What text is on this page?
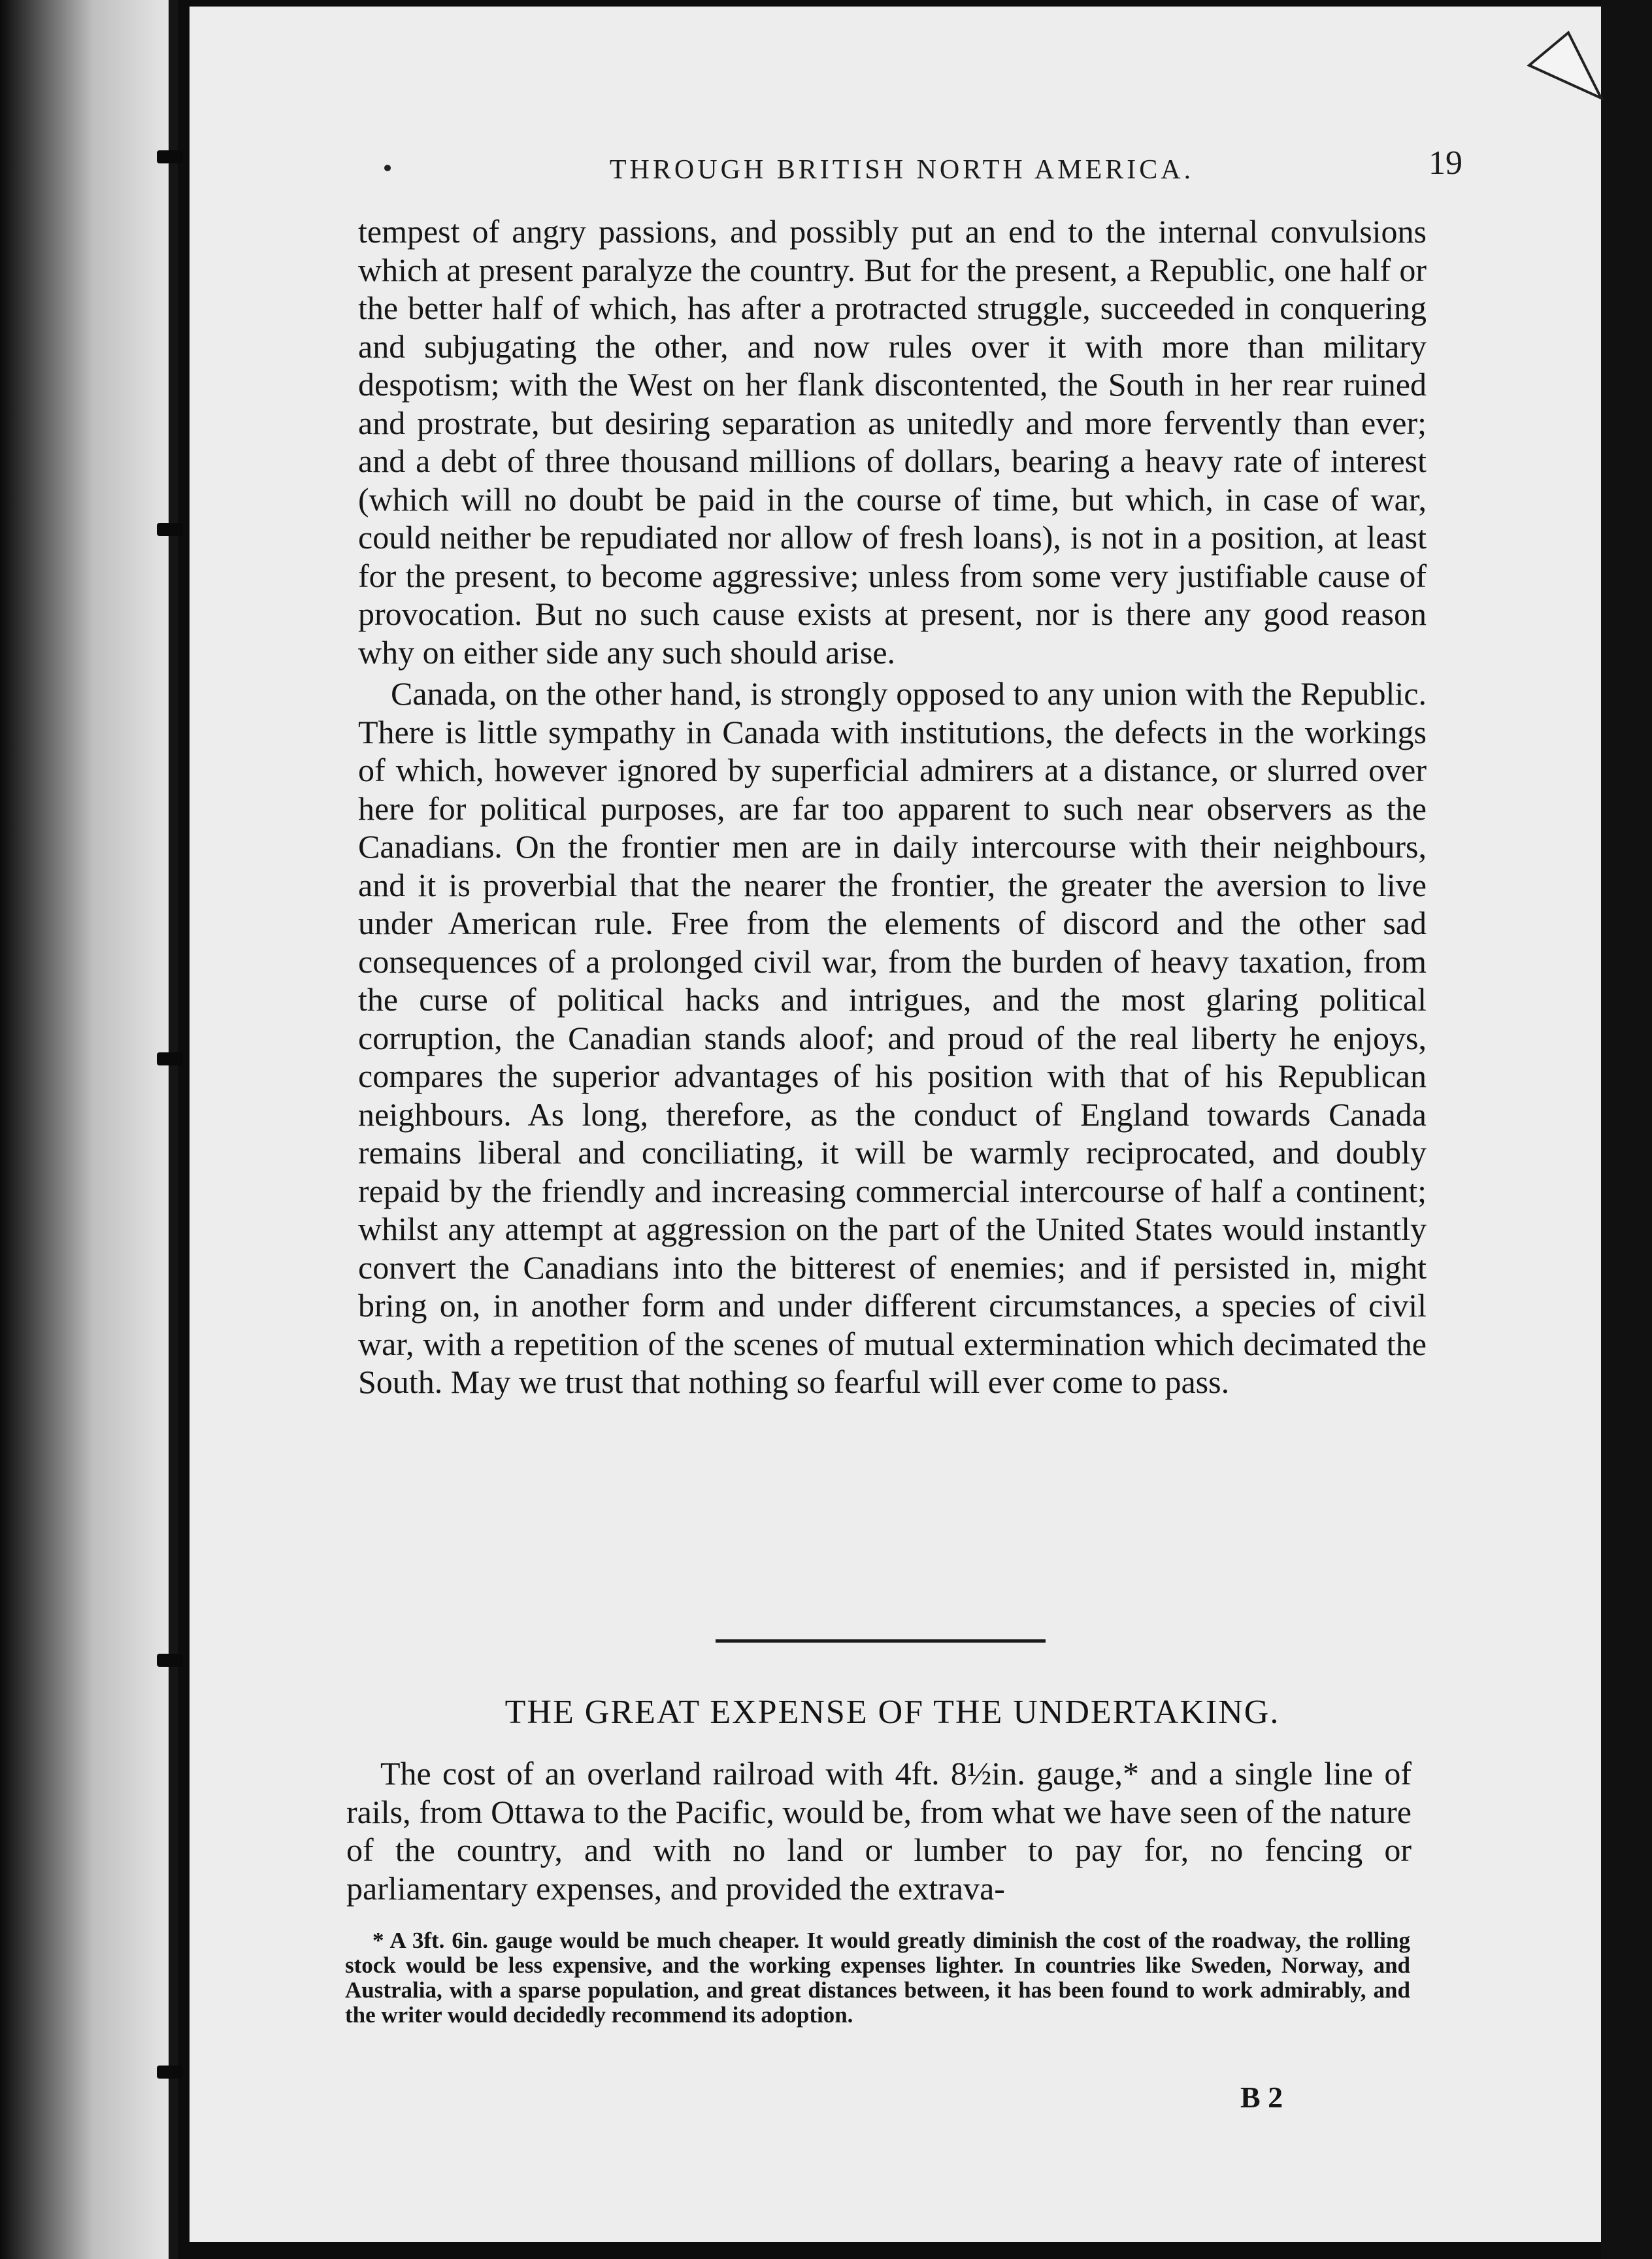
THROUGH BRITISH NORTH AMERICA.	19

tempest of angry passions, and possibly put an end to the internal convulsions which at present paralyze the country. But for the present, a Republic, one half or the better half of which, has after a protracted struggle, succeeded in conquering and subjugating the other, and now rules over it with more than military despotism; with the West on her flank discontented, the South in her rear ruined and prostrate, but desiring separation as unitedly and more fervently than ever; and a debt of three thousand millions of dollars, bearing a heavy rate of interest (which will no doubt be paid in the course of time, but which, in case of war, could neither be repudiated nor allow of fresh loans), is not in a position, at least for the present, to become aggressive; unless from some very justifiable cause of provocation. But no such cause exists at present, nor is there any good reason why on either side any such should arise.

Canada, on the other hand, is strongly opposed to any union with the Republic. There is little sympathy in Canada with institutions, the defects in the workings of which, however ignored by superficial admirers at a distance, or slurred over here for political purposes, are far too apparent to such near observers as the Canadians. On the frontier men are in daily intercourse with their neighbours, and it is proverbial that the nearer the frontier, the greater the aversion to live under American rule. Free from the elements of discord and the other sad consequences of a prolonged civil war, from the burden of heavy taxation, from the curse of political hacks and intrigues, and the most glaring political corruption, the Canadian stands aloof; and proud of the real liberty he enjoys, compares the superior advantages of his position with that of his Republican neighbours. As long, therefore, as the conduct of England towards Canada remains liberal and conciliating, it will be warmly reciprocated, and doubly repaid by the friendly and increasing commercial intercourse of half a continent; whilst any attempt at aggression on the part of the United States would instantly convert the Canadians into the bitterest of enemies; and if persisted in, might bring on, in another form and under different circumstances, a species of civil war, with a repetition of the scenes of mutual extermination which decimated the South. May we trust that nothing so fearful will ever come to pass.

THE GREAT EXPENSE OF THE UNDERTAKING.

The cost of an overland railroad with 4ft. 8½in. gauge,* and a single line of rails, from Ottawa to the Pacific, would be, from what we have seen of the nature of the country, and with no land or lumber to pay for, no fencing or parliamentary expenses, and provided the extrava-

* A 3ft. 6in. gauge would be much cheaper. It would greatly diminish the cost of the roadway, the rolling stock would be less expensive, and the working expenses lighter. In countries like Sweden, Norway, and Australia, with a sparse population, and great distances between, it has been found to work admirably, and the writer would decidedly recommend its adoption.

B 2
